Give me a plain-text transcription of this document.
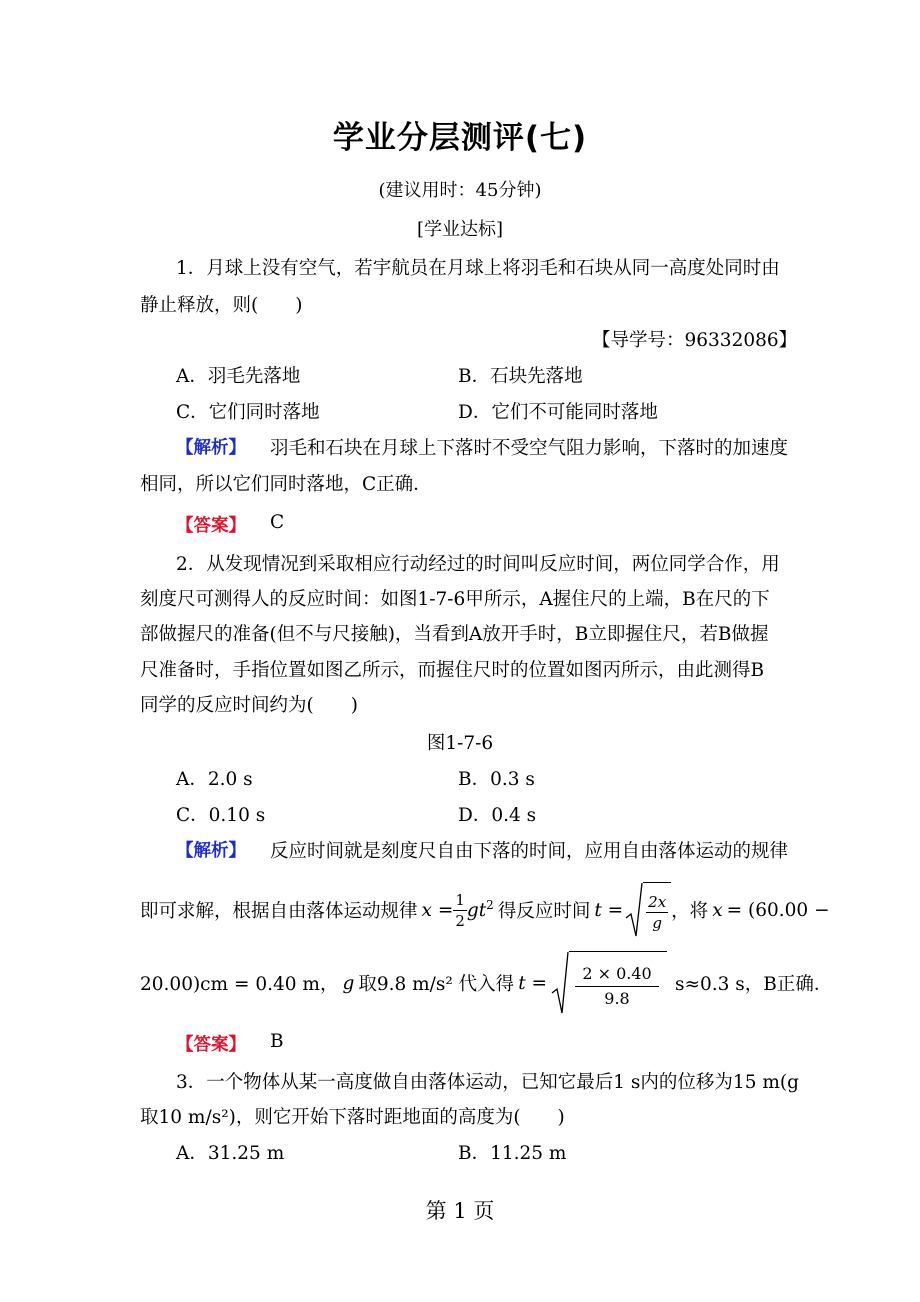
学业分层测评(七)
(建议用时：45分钟)
[学业达标]
1．月球上没有空气，若宇航员在月球上将羽毛和石块从同一高度处同时由
静止释放，则(　　)
【导学号：96332086】
A．羽毛先落地	B．石块先落地
C．它们同时落地	D．它们不可能同时落地
【解析】 羽毛和石块在月球上下落时不受空气阻力影响，下落时的加速度
相同，所以它们同时落地，C正确．
【答案】 C
2．从发现情况到采取相应行动经过的时间叫反应时间，两位同学合作，用
刻度尺可测得人的反应时间：如图1-7-6甲所示，A握住尺的上端，B在尺的下
部做握尺的准备(但不与尺接触)，当看到A放开手时，B立即握住尺，若B做握
尺准备时，手指位置如图乙所示，而握住尺时的位置如图丙所示，由此测得B
同学的反应时间约为(　　)
图1-7-6
A．2.0 s	B．0.3 s
C．0.10 s	D．0.4 s
【解析】 反应时间就是刻度尺自由下落的时间，应用自由落体运动的规律
即可求解，根据自由落体运动规律 $x = \frac{1}{2} gt^2$ 得反应时间 $t = \frac{2x}{g}$ ，将 x = (60.00 −
20.00)cm = 0.40 m， g 取9.8 m/s² 代入得 $t = \frac{2 \times 0.40}{9.8} s\approx 0.3$ s，B正确．
【答案】 B
3．一个物体从某一高度做自由落体运动，已知它最后1 s内的位移为15 m(g
取10 m/s²)，则它开始下落时距地面的高度为(　　)
A．31.25 m	B．11.25 m
第 1 页
